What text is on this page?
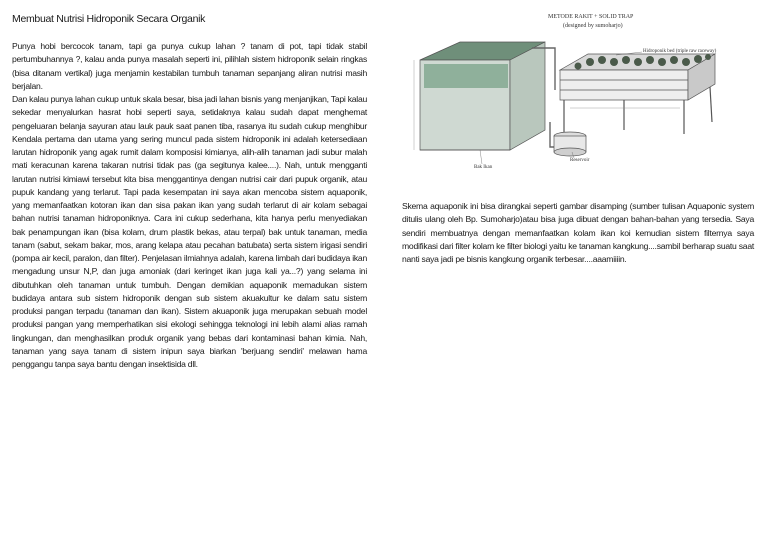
Membuat Nutrisi Hidroponik Secara Organik

Punya hobi bercocok tanam, tapi ga punya cukup lahan ? tanam di pot, tapi tidak stabil pertumbuhannya ?, kalau anda punya masalah seperti ini, pilihlah sistem hidroponik selain ringkas (bisa ditanam vertikal) juga menjamin kestabilan tumbuh tanaman sepanjang aliran nutrisi masih berjalan.

Dan kalau punya lahan cukup untuk skala besar, bisa jadi lahan bisnis yang menjanjikan, Tapi kalau sekedar menyalurkan hasrat hobi seperti saya, setidaknya kalau sudah dapat menghemat pengeluaran belanja sayuran atau lauk pauk saat panen tiba, rasanya itu sudah cukup menghibur Kendala pertama dan utama yang sering muncul pada sistem hidroponik ini adalah ketersediaan larutan hidroponik yang agak rumit dalam komposisi kimianya, alih-alih tanaman jadi subur malah mati keracunan karena takaran nutrisi tidak pas (ga segitunya kalee....). Nah, untuk mengganti larutan nutrisi kimiawi tersebut kita bisa menggantinya dengan nutrisi cair dari pupuk organik, atau pupuk kandang yang terlarut. Tapi pada kesempatan ini saya akan mencoba sistem aquaponik, yang memanfaatkan kotoran ikan dan sisa pakan ikan yang sudah terlarut di air kolam sebagai bahan nutrisi tanaman hidroponiknya. Cara ini cukup sederhana, kita hanya perlu menyediakan bak penampungan ikan (bisa kolam, drum plastik bekas, atau terpal) bak untuk tanaman, media tanam (sabut, sekam bakar, mos, arang kelapa atau pecahan batubata) serta sistem irigasi sendiri (pompa air kecil, paralon, dan filter). Penjelasan ilmiahnya adalah, karena limbah dari budidaya ikan mengadung unsur N,P, dan juga amoniak (dari keringet ikan juga kali ya...?) yang selama ini dibutuhkan oleh tanaman untuk tumbuh. Dengan demikian aquaponik memadukan sistem budidaya antara sub sistem hidroponik dengan sub sistem akuakultur ke dalam satu sistem produksi pangan terpadu (tanaman dan ikan). Sistem akuaponik juga merupakan sebuah model produksi pangan yang memperhatikan sisi ekologi sehingga teknologi ini lebih alami alias ramah lingkungan, dan menghasilkan produk organik yang bebas dari kontaminasi bahan kimia. Nah, tanaman yang saya tanam di sistem inipun saya biarkan 'berjuang sendiri' melawan hama penggangu tanpa saya bantu dengan insektisida dll.

METODE RAKIT + SOLID TRAP
(designed by sumoharjo)
Hidroponik bed (triple raw raceway)
Reservoir
Bak Ikan

Skema aquaponik ini bisa dirangkai seperti gambar disamping (sumber tulisan Aquaponic system ditulis ulang oleh Bp. Sumoharjo)atau bisa juga dibuat dengan bahan-bahan yang tersedia. Saya sendiri membuatnya dengan memanfaatkan kolam ikan koi kemudian sistem filternya saya modifikasi dari filter kolam ke filter biologi yaitu ke tanaman kangkung....sambil berharap suatu saat nanti saya jadi pe bisnis kangkung organik terbesar....aaamiiiin.
